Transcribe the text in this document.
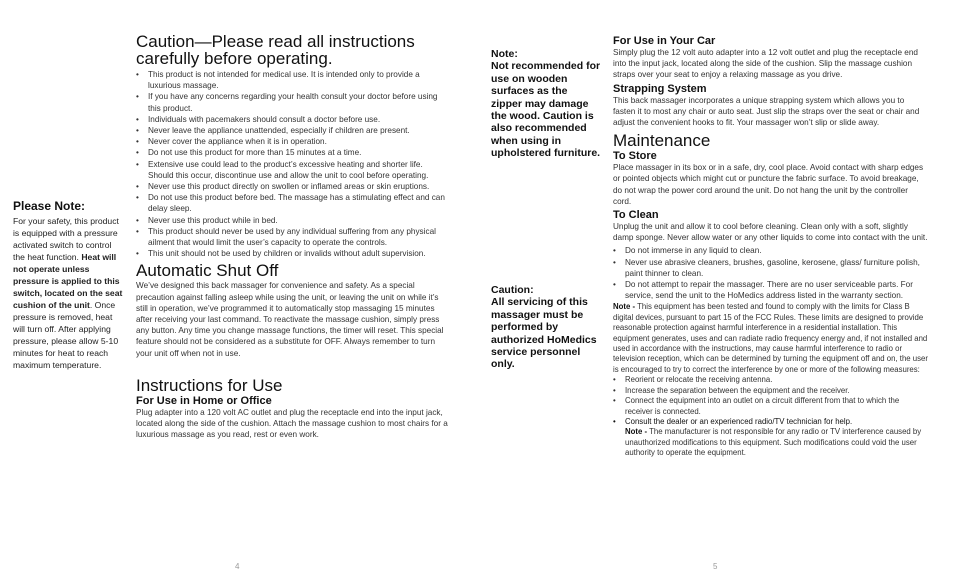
Please Note:

For your safety, this product is equipped with a pressure activated switch to control the heat function. Heat will not operate unless pressure is applied to this switch, located on the seat cushion of the unit. Once pressure is removed, heat will turn off. After applying pressure, please allow 5-10 minutes for heat to reach maximum temperature.

Caution—Please read all instructions carefully before operating.
• This product is not intended for medical use. It is intended only to provide a luxurious massage.
• If you have any concerns regarding your health consult your doctor before using this product.
• Individuals with pacemakers should consult a doctor before use.
• Never leave the appliance unattended, especially if children are present.
• Never cover the appliance when it is in operation.
• Do not use this product for more than 15 minutes at a time.
• Extensive use could lead to the product’s excessive heating and shorter life. Should this occur, discontinue use and allow the unit to cool before operating.
• Never use this product directly on swollen or inflamed areas or skin eruptions.
• Do not use this product before bed. The massage has a stimulating effect and can delay sleep.
• Never use this product while in bed.
• This product should never be used by any individual suffering from any physical ailment that would limit the user’s capacity to operate the controls.
• This unit should not be used by children or invalids without adult supervision.
Automatic Shut Off

We’ve designed this back massager for convenience and safety. As a special precaution against falling asleep while using the unit, or leaving the unit on while it’s still in operation, we’ve programmed it to automatically stop massaging 15 minutes after receiving your last command. To reactivate the massage cushion, simply press any button. Any time you change massage functions, the timer will reset. This special feature should not be considered as a substitute for OFF. Always remember to turn your unit off when not in use.

Instructions for Use
For Use in Home or Office

Plug adapter into a 120 volt AC outlet and plug the receptacle end into the input jack, located along the side of the cushion. Attach the massage cushion to most chairs for a luxurious massage as you read, rest or even work.

4
Note:

Not recommended for use on wooden surfaces as the zipper may damage the wood. Caution is also recommended when using in upholstered furniture.

Caution:

All servicing of this massager must be performed by authorized HoMedics service personnel only.

For Use in Your Car

Simply plug the 12 volt auto adapter into a 12 volt outlet and plug the receptacle end into the input jack, located along the side of the cushion. Slip the massage cushion straps over your seat to enjoy a relaxing massage as you drive.

Strapping System

This back massager incorporates a unique strapping system which allows you to fasten it to most any chair or auto seat. Just slip the straps over the seat or chair and adjust the convenient hooks to fit. Your massager won’t slip or slide away.

Maintenance
To Store

Place massager in its box or in a safe, dry, cool place. Avoid contact with sharp edges or pointed objects which might cut or puncture the fabric surface. To avoid breakage, do not wrap the power cord around the unit. Do not hang the unit by the controller cord.

To Clean

Unplug the unit and allow it to cool before cleaning. Clean only with a soft, slightly damp sponge. Never allow water or any other liquids to come into contact with the unit.

• Do not immerse in any liquid to clean.
• Never use abrasive cleaners, brushes, gasoline, kerosene, glass/ furniture polish, paint thinner to clean.
• Do not attempt to repair the massager. There are no user serviceable parts. For service, send the unit to the HoMedics address listed in the warranty section.

Note - This equipment has been tested and found to comply with the limits for Class B digital devices, pursuant to part 15 of the FCC Rules. These limits are designed to provide reasonable protection against harmful interference in a residential installation. This equipment generates, uses and can radiate radio frequency energy and, if not installed and used in accordance with the instructions, may cause harmful interference to radio or television reception, which can be determined by turning the equipment off and on, the user is encouraged to try to correct the interference by one or more of the following measures:

• Reorient or relocate the receiving antenna.
• Increase the separation between the equipment and the receiver.
• Connect the equipment into an outlet on a circuit different from that to which the receiver is connected.
• Consult the dealer or an experienced radio/TV technician for help.

Note - The manufacturer is not responsible for any radio or TV interference caused by unauthorized modifications to this equipment. Such modifications could void the user authority to operate the equipment.

5
